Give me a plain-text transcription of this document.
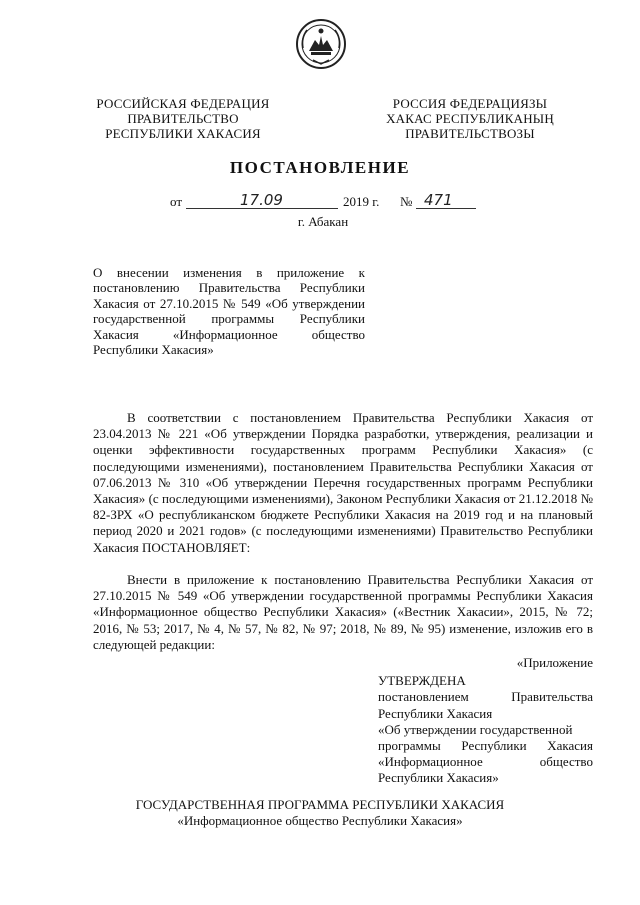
РОССИЙСКАЯ ФЕДЕРАЦИЯ
ПРАВИТЕЛЬСТВО
РЕСПУБЛИКИ ХАКАСИЯ
РОССИЯ ФЕДЕРАЦИЯЗЫ
ХАКАС РЕСПУБЛИКАНЫҢ
ПРАВИТЕЛЬСТВОЗЫ
ПОСТАНОВЛЕНИЕ
от	17.09	2019 г. № 471
г. Абакан
О внесении изменения в приложение к постановлению Правительства Республики Хакасия от 27.10.2015 № 549 «Об утверждении государственной программы Республики Хакасия «Информационное общество Республики Хакасия»
В соответствии с постановлением Правительства Республики Хакасия от 23.04.2013 № 221 «Об утверждении Порядка разработки, утверждения, реализации и оценки эффективности государственных программ Республики Хакасия» (с последующими изменениями), постановлением Правительства Республики Хакасия от 07.06.2013 № 310 «Об утверждении Перечня государственных программ Республики Хакасия» (с последующими изменениями), Законом Республики Хакасия от 21.12.2018 № 82-ЗРХ «О республиканском бюджете Республики Хакасия на 2019 год и на плановый период 2020 и 2021 годов» (с последующими изменениями) Правительство Республики Хакасия ПОСТАНОВЛЯЕТ:
Внести в приложение к постановлению Правительства Республики Хакасия от 27.10.2015 № 549 «Об утверждении государственной программы Республики Хакасия «Информационное общество Республики Хакасия» («Вестник Хакасии», 2015, № 72; 2016, № 53; 2017, № 4, № 57, № 82, № 97; 2018, № 89, № 95) изменение, изложив его в следующей редакции:
«Приложение
УТВЕРЖДЕНА
постановлением Правительства
Республики Хакасия
«Об утверждении государственной
программы Республики Хакасия
«Информационное общество
Республики Хакасия»
ГОСУДАРСТВЕННАЯ ПРОГРАММА РЕСПУБЛИКИ ХАКАСИЯ
«Информационное общество Республики Хакасия»
